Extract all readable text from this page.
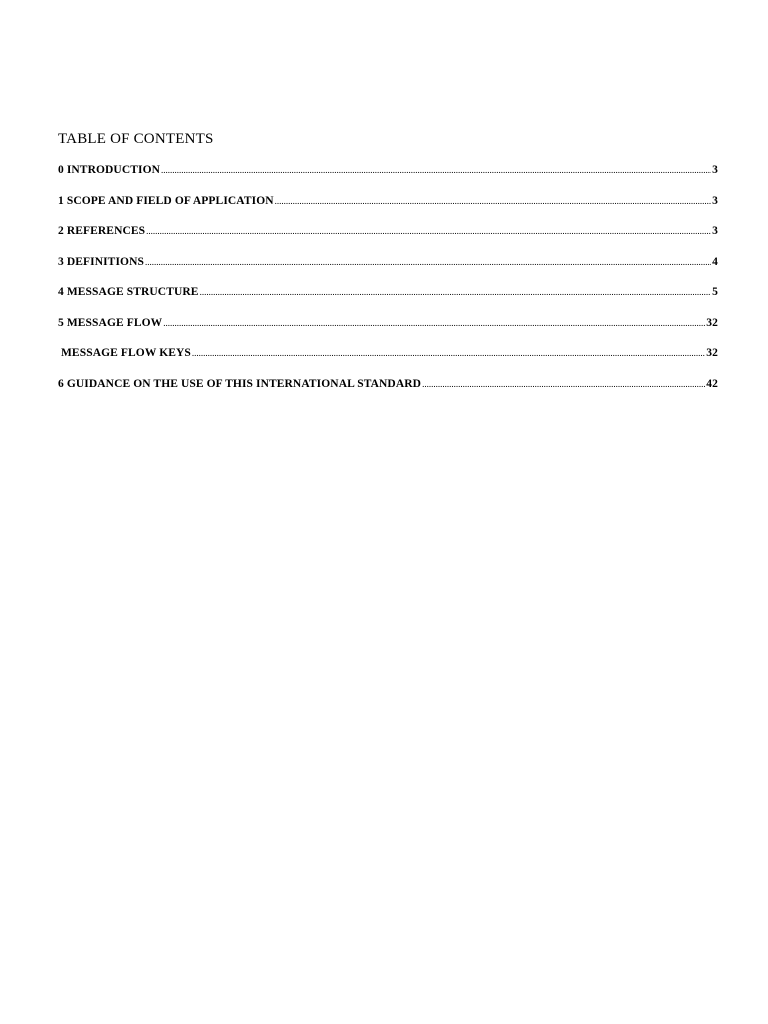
TABLE OF CONTENTS
0 INTRODUCTION .....	3
1 SCOPE AND FIELD OF APPLICATION .....	3
2 REFERENCES .....	3
3 DEFINITIONS .....	4
4 MESSAGE STRUCTURE .....	5
5 MESSAGE FLOW .....	32
MESSAGE FLOW KEYS .....	32
6 GUIDANCE ON THE USE OF THIS INTERNATIONAL STANDARD .....	42
